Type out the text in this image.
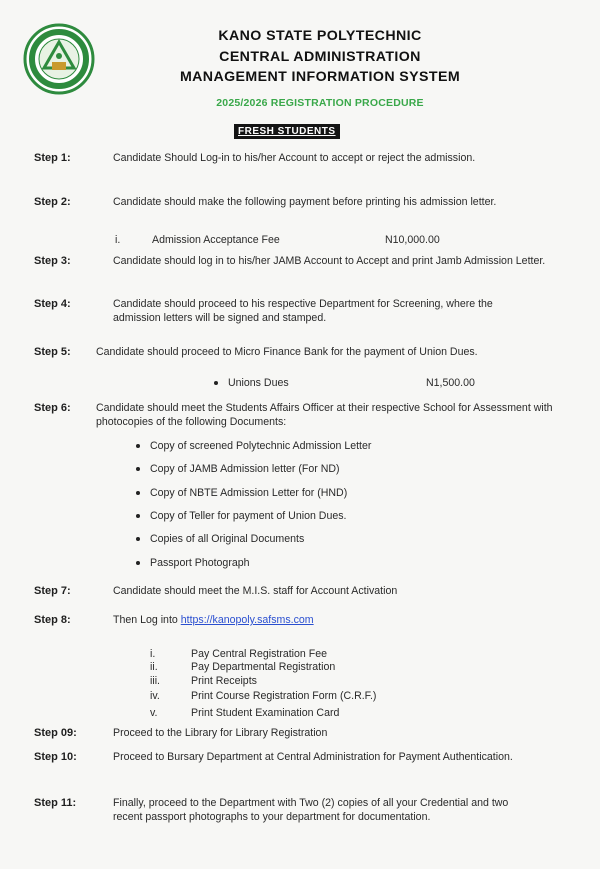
KANO STATE POLYTECHNIC
CENTRAL ADMINISTRATION
MANAGEMENT INFORMATION SYSTEM
2025/2026 REGISTRATION PROCEDURE
FRESH STUDENTS
Step 1:	Candidate Should Log-in to his/her Account to accept or reject the admission.
Step 2:	Candidate should make the following payment before printing his admission letter.
i.	Admission Acceptance Fee	N10,000.00
Step 3:	Candidate should log in to his/her JAMB Account to Accept and print Jamb Admission Letter.
Step 4:	Candidate should proceed to his respective Department for Screening, where the admission letters will be signed and stamped.
Step 5: Candidate should proceed to Micro Finance Bank for the payment of Union Dues.
Unions Dues	N1,500.00
Step 6: Candidate should meet the Students Affairs Officer at their respective School for Assessment with photocopies of the following Documents:
Copy of screened Polytechnic Admission Letter
Copy of JAMB Admission letter (For ND)
Copy of NBTE Admission Letter for (HND)
Copy of Teller for payment of Union Dues.
Copies of all Original Documents
Passport Photograph
Step 7:	Candidate should meet the M.I.S. staff for Account Activation
Step 8:	Then Log into https://kanopoly.safsms.com
i.	Pay Central Registration Fee
ii.	Pay Departmental Registration
iii.	Print Receipts
iv.	Print Course Registration Form (C.R.F.)
v.	Print Student Examination Card
Step 09:	Proceed to the Library for Library Registration
Step 10:	Proceed to Bursary Department at Central Administration for Payment Authentication.
Step 11:	Finally, proceed to the Department with Two (2) copies of all your Credential and two recent passport photographs to your department for documentation.
